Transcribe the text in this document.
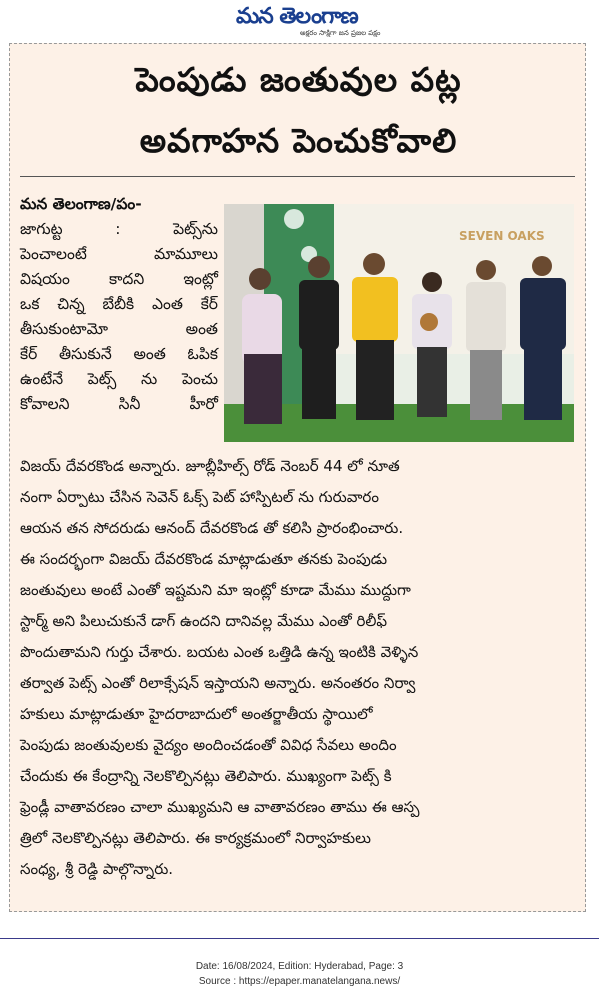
మన తెలంగాణ
అక్షరం సాక్షిగా జన ప్రజల పక్షం
పెంపుడు జంతువుల పట్ల
అవగాహన పెంచుకోవాలి
మన తెలంగాణ/పం-
జాగుట్ట : పెట్స్‌ను
పెంచాలంటే మామూలు
విషయం కాదని ఇంట్లో
ఒక చిన్న బేబీకి ఎంత కేర్
తీసుకుంటామో అంత
కేర్ తీసుకునే అంత ఓపిక
ఉంటేనే పెట్స్ ను పెంచు
కోవాలని సినీ హీరో
విజయ్ దేవరకొండ అన్నారు. జూబ్లీహిల్స్ రోడ్ నెంబర్ 44 లో నూత
నంగా ఏర్పాటు చేసిన సెవెన్ ఓక్స్ పెట్ హాస్పిటల్ ను గురువారం
ఆయన తన సోదరుడు ఆనంద్ దేవరకొండ తో కలిసి ప్రారంభించారు.
ఈ సందర్భంగా విజయ్ దేవరకొండ మాట్లాడుతూ తనకు పెంపుడు
జంతువులు అంటే ఎంతో ఇష్టమని మా ఇంట్లో కూడా మేము ముద్దుగా
స్టార్మ్ అని పిలుచుకునే డాగ్ ఉందని దానివల్ల మేము ఎంతో రిలీఫ్
పొందుతామని గుర్తు చేశారు. బయట ఎంత ఒత్తిడి ఉన్న ఇంటికి వెళ్ళిన
తర్వాత పెట్స్ ఎంతో రిలాక్సేషన్ ఇస్తాయని అన్నారు. అనంతరం నిర్వా
హకులు మాట్లాడుతూ హైదరాబాదులో అంతర్జాతీయ స్థాయిలో
పెంపుడు జంతువులకు వైద్యం అందించడంతో వివిధ సేవలు అందిం
చేందుకు ఈ కేంద్రాన్ని నెలకొల్పినట్లు తెలిపారు. ముఖ్యంగా పెట్స్ కి
ఫ్రెండ్లీ వాతావరణం చాలా ముఖ్యమని ఆ వాతావరణం తాము ఈ ఆస్ప
త్రిలో నెలకొల్పినట్లు తెలిపారు. ఈ కార్యక్రమంలో నిర్వాహకులు
సంధ్య, శ్రీ రెడ్డి పాల్గొన్నారు.
SEVEN OAKS
Date: 16/08/2024, Edition: Hyderabad, Page: 3
Source : https://epaper.manatelangana.news/
